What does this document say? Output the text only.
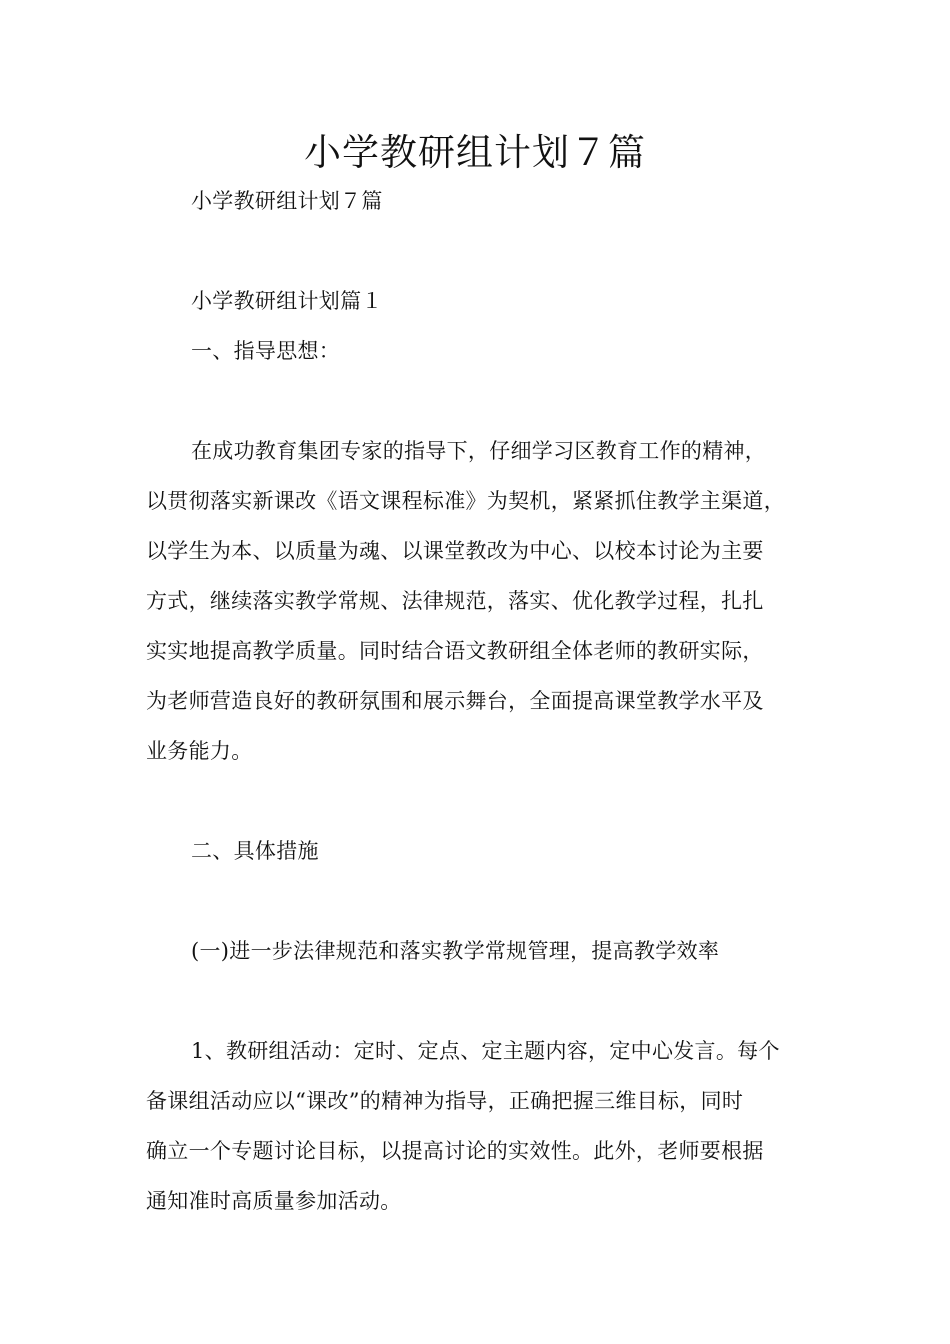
小学教研组计划７篇
小学教研组计划７篇
小学教研组计划篇１
一、指导思想：
在成功教育集团专家的指导下，仔细学习区教育工作的精神，
以贯彻落实新课改《语文课程标准》为契机，紧紧抓住教学主渠道，
以学生为本、以质量为魂、以课堂教改为中心、以校本讨论为主要
方式，继续落实教学常规、法律规范，落实、优化教学过程，扎扎
实实地提高教学质量。同时结合语文教研组全体老师的教研实际，
为老师营造良好的教研氛围和展示舞台，全面提高课堂教学水平及
业务能力。
二、具体措施
(一)进一步法律规范和落实教学常规管理，提高教学效率
1、教研组活动：定时、定点、定主题内容，定中心发言。每个
备课组活动应以“课改”的精神为指导，正确把握三维目标，同时
确立一个专题讨论目标，以提高讨论的实效性。此外，老师要根据
通知准时高质量参加活动。
